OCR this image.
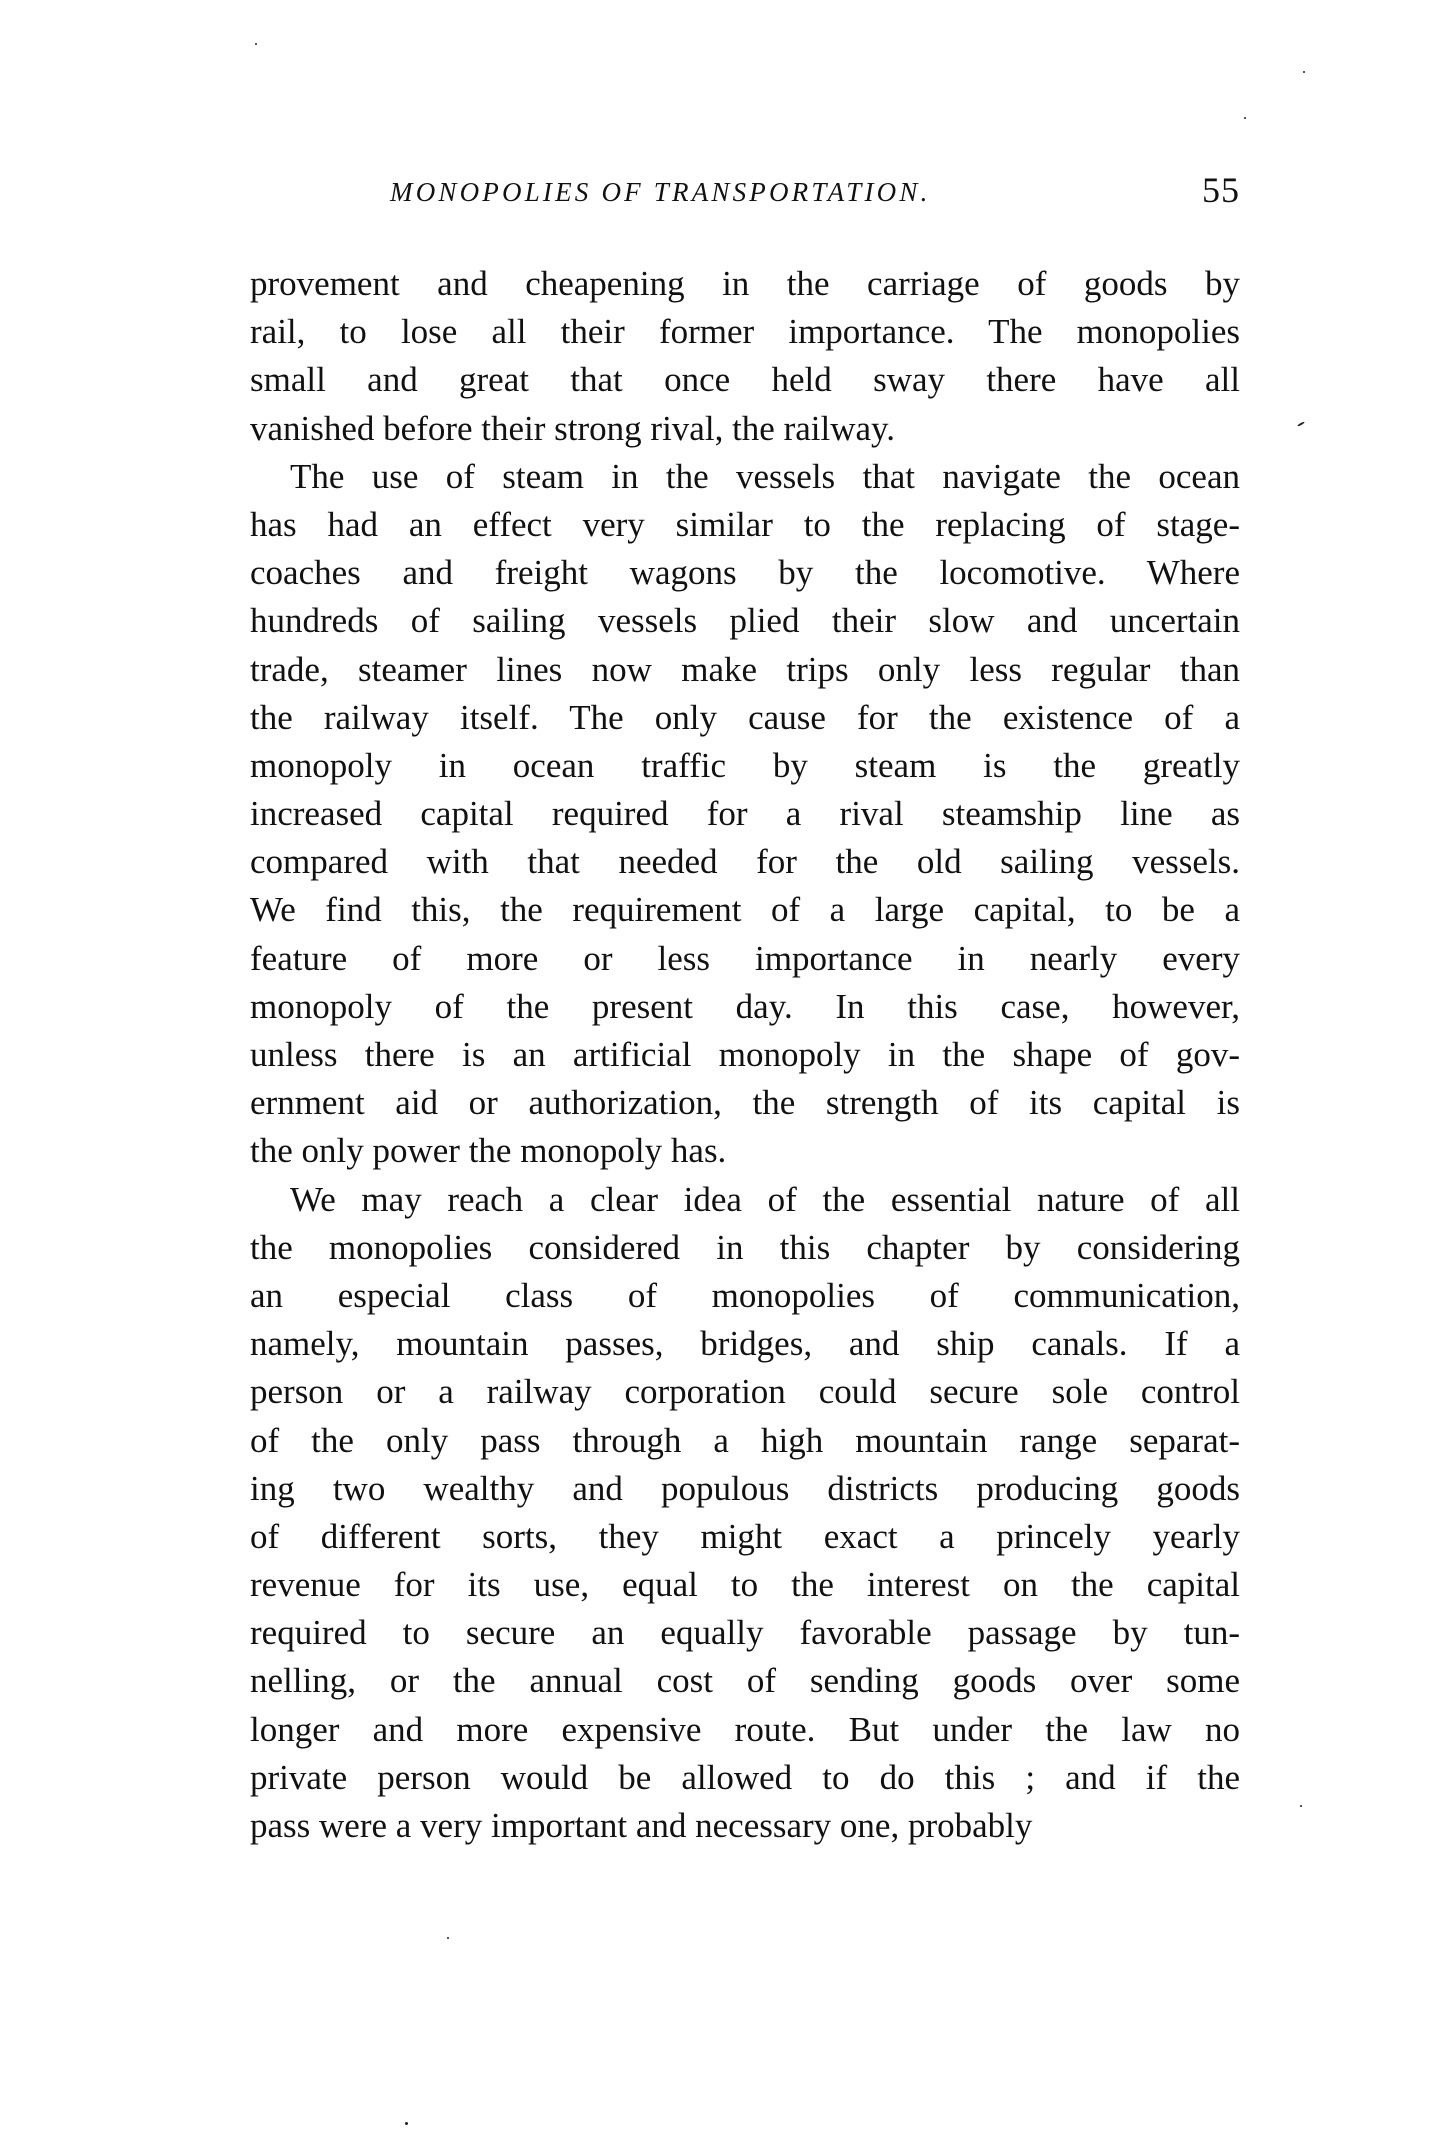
MONOPOLIES OF TRANSPORTATION.	55

provement and cheapening in the carriage of goods by
rail, to lose all their former importance. The monopolies
small and great that once held sway there have all
vanished before their strong rival, the railway.

The use of steam in the vessels that navigate the ocean
has had an effect very similar to the replacing of stage-
coaches and freight wagons by the locomotive. Where
hundreds of sailing vessels plied their slow and uncertain
trade, steamer lines now make trips only less regular than
the railway itself. The only cause for the existence of a
monopoly in ocean traffic by steam is the greatly
increased capital required for a rival steamship line as
compared with that needed for the old sailing vessels.
We find this, the requirement of a large capital, to be a
feature of more or less importance in nearly every
monopoly of the present day. In this case, however,
unless there is an artificial monopoly in the shape of gov-
ernment aid or authorization, the strength of its capital is
the only power the monopoly has.

We may reach a clear idea of the essential nature of all
the monopolies considered in this chapter by considering
an especial class of monopolies of communication,
namely, mountain passes, bridges, and ship canals. If a
person or a railway corporation could secure sole control
of the only pass through a high mountain range separat-
ing two wealthy and populous districts producing goods
of different sorts, they might exact a princely yearly
revenue for its use, equal to the interest on the capital
required to secure an equally favorable passage by tun-
nelling, or the annual cost of sending goods over some
longer and more expensive route. But under the law no
private person would be allowed to do this ; and if the
pass were a very important and necessary one, probably
